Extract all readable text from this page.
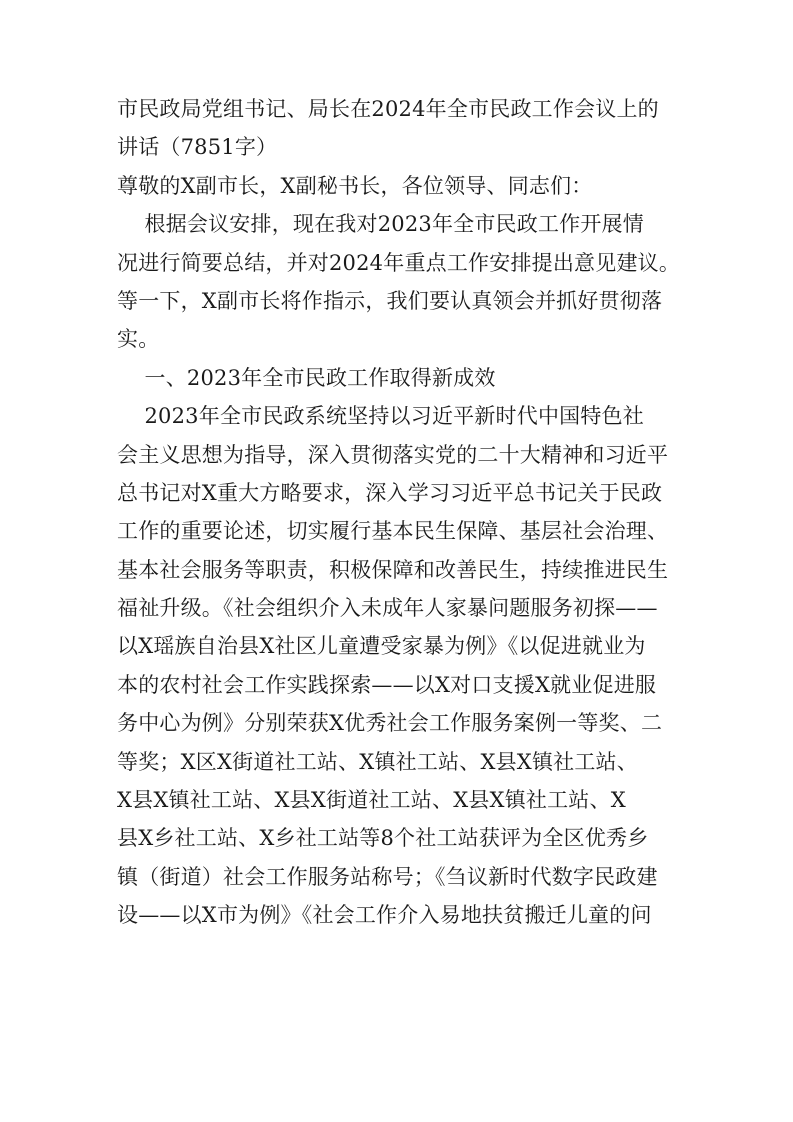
市民政局党组书记、局长在2024年全市民政工作会议上的
讲话（7851字）
尊敬的X副市长，X副秘书长，各位领导、同志们：
根据会议安排，现在我对2023年全市民政工作开展情
况进行简要总结，并对2024年重点工作安排提出意见建议。
等一下，X副市长将作指示，我们要认真领会并抓好贯彻落
实。
一、2023年全市民政工作取得新成效
2023年全市民政系统坚持以习近平新时代中国特色社
会主义思想为指导，深入贯彻落实党的二十大精神和习近平
总书记对X重大方略要求，深入学习习近平总书记关于民政
工作的重要论述，切实履行基本民生保障、基层社会治理、
基本社会服务等职责，积极保障和改善民生，持续推进民生
福祉升级。《社会组织介入未成年人家暴问题服务初探——
以X瑶族自治县X社区儿童遭受家暴为例》《以促进就业为
本的农村社会工作实践探索——以X对口支援X就业促进服
务中心为例》分别荣获X优秀社会工作服务案例一等奖、二
等奖；X区X街道社工站、X镇社工站、X县X镇社工站、
X县X镇社工站、X县X街道社工站、X县X镇社工站、X
县X乡社工站、X乡社工站等8个社工站获评为全区优秀乡
镇（街道）社会工作服务站称号；《刍议新时代数字民政建
设——以X市为例》《社会工作介入易地扶贫搬迁儿童的问
